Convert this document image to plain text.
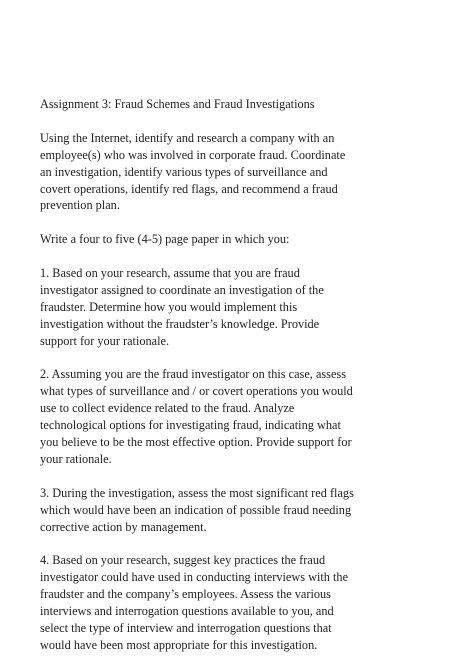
Assignment 3: Fraud Schemes and Fraud Investigations

Using the Internet, identify and research a company with an
employee(s) who was involved in corporate fraud. Coordinate
an investigation, identify various types of surveillance and
covert operations, identify red flags, and recommend a fraud
prevention plan.

Write a four to five (4-5) page paper in which you:

1. Based on your research, assume that you are fraud
investigator assigned to coordinate an investigation of the
fraudster. Determine how you would implement this
investigation without the fraudster’s knowledge. Provide
support for your rationale.

2. Assuming you are the fraud investigator on this case, assess
what types of surveillance and / or covert operations you would
use to collect evidence related to the fraud. Analyze
technological options for investigating fraud, indicating what
you believe to be the most effective option. Provide support for
your rationale.

3. During the investigation, assess the most significant red flags
which would have been an indication of possible fraud needing
corrective action by management.

4. Based on your research, suggest key practices the fraud
investigator could have used in conducting interviews with the
fraudster and the company’s employees. Assess the various
interviews and interrogation questions available to you, and
select the type of interview and interrogation questions that
would have been most appropriate for this investigation.
